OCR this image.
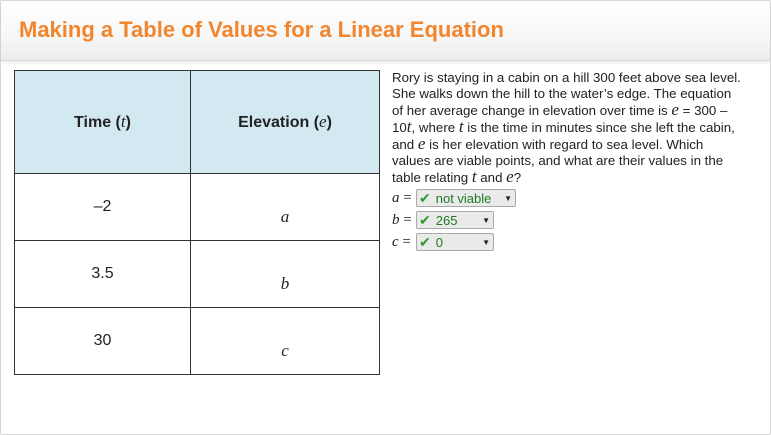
Making a Table of Values for a Linear Equation
Time (t)	Elevation (e)
–2	a
3.5	b
30	c
Rory is staying in a cabin on a hill 300 feet above sea level. She walks down the hill to the water’s edge. The equation of her average change in elevation over time is e = 300 – 10t, where t is the time in minutes since she left the cabin, and e is her elevation with regard to sea level. Which values are viable points, and what are their values in the table relating t and e?
a = ✔ not viable ▼
b = ✔ 265	▼
c = ✔ 0	▼
